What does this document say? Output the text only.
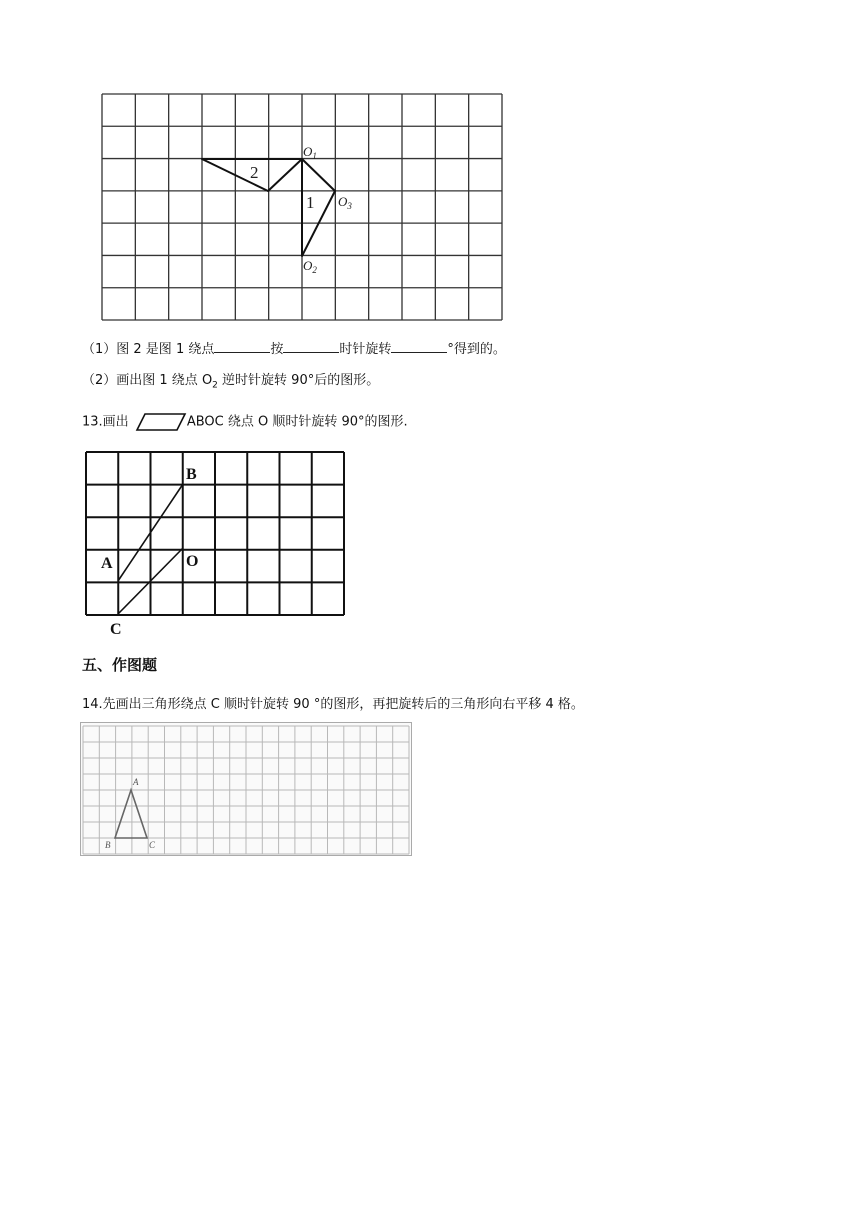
2
1
$O_1$
$O_3$
$O_2$
（1）图 2 是图 1 绕点	按	时针旋转	°得到的。
（2）画出图 1 绕点 $O_2$ 逆时针旋转 90°后的图形。
13.画出	ABOC 绕点 O 顺时针旋转 90°的图形.
B
A	O
C
五、作图题
14.先画出三角形绕点 C 顺时针旋转 90 °的图形，再把旋转后的三角形向右平移 4 格。
A
B	C
